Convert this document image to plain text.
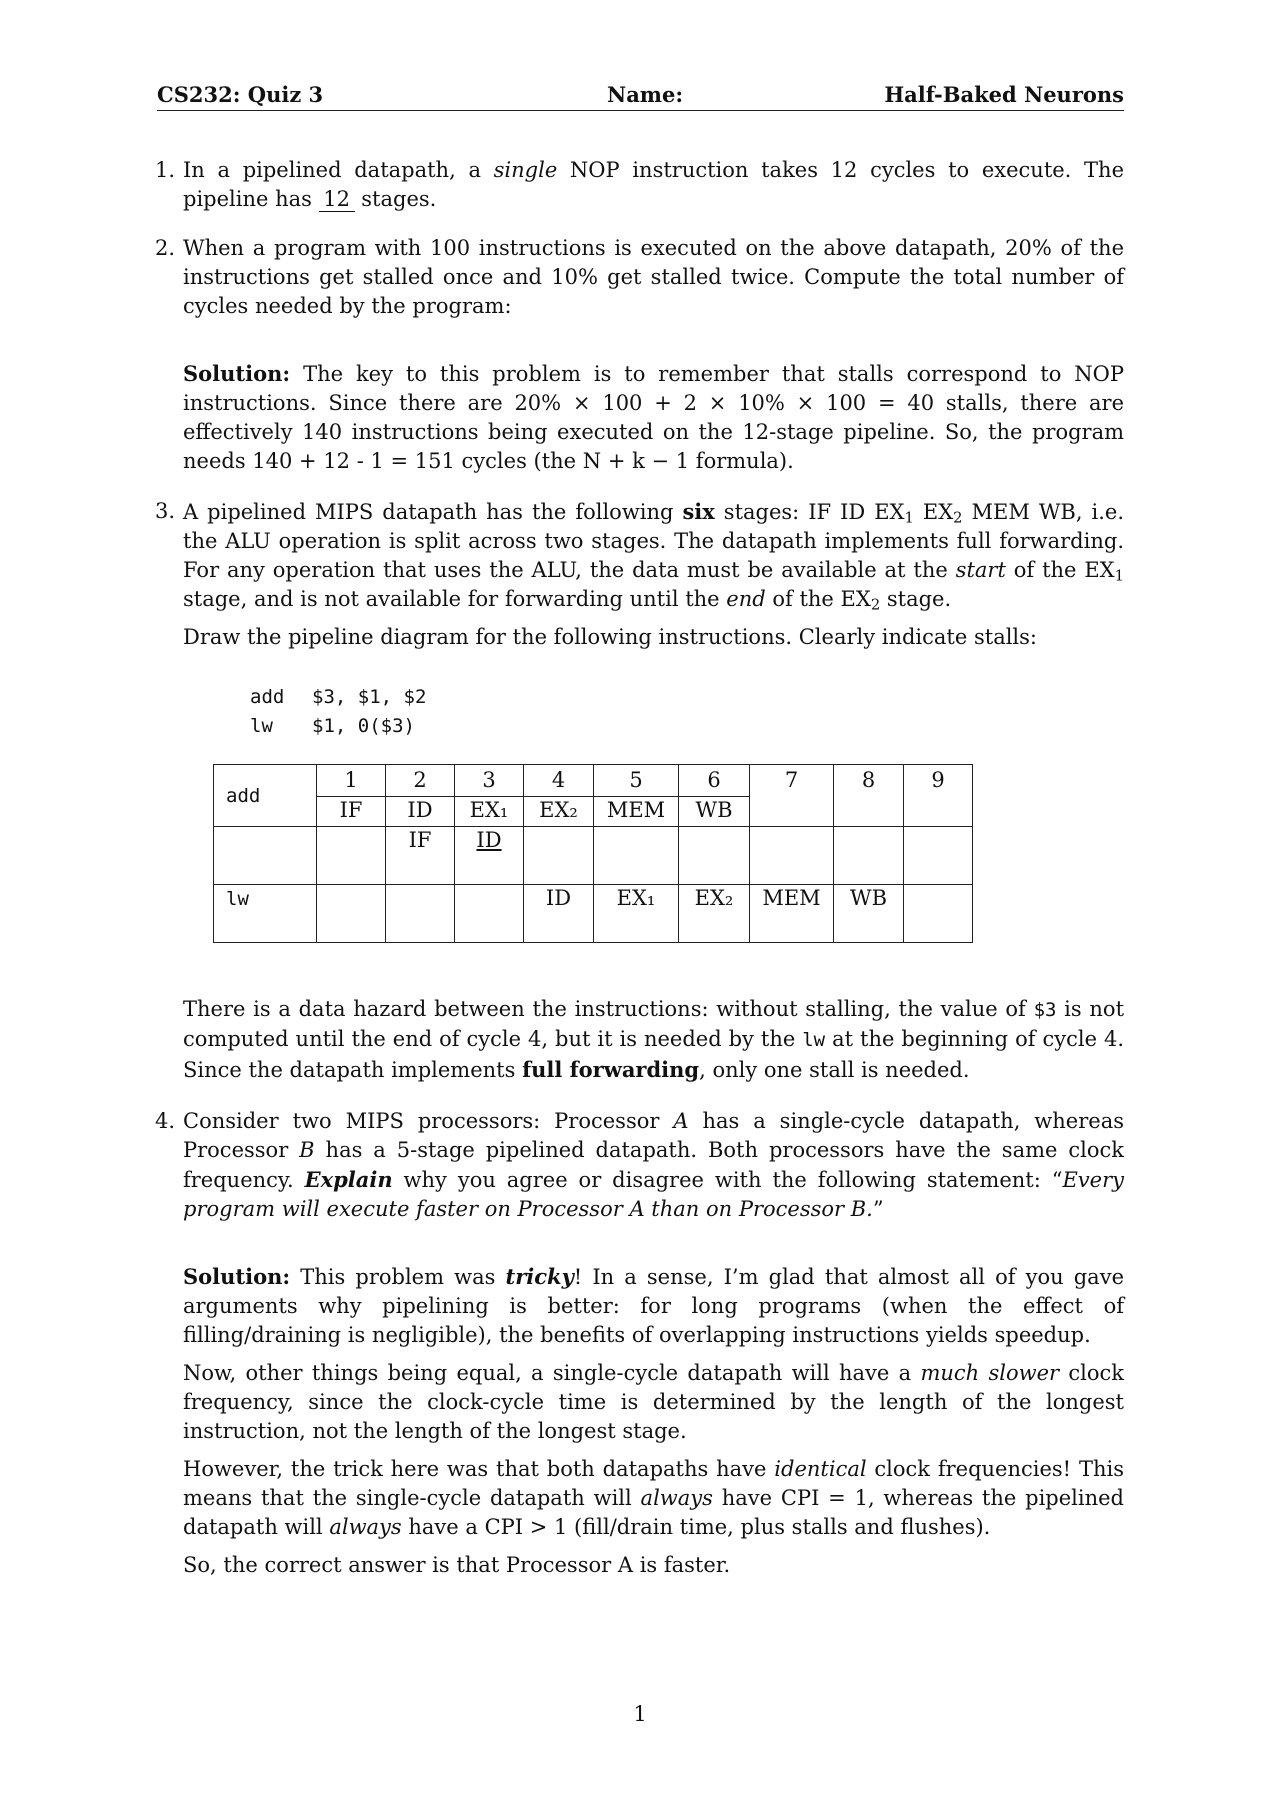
CS232: Quiz 3	Name:	Half-Baked Neurons
1. In a pipelined datapath, a single NOP instruction takes 12 cycles to execute. The pipeline has 12 stages.
2. When a program with 100 instructions is executed on the above datapath, 20% of the instructions get stalled once and 10% get stalled twice. Compute the total number of cycles needed by the program:
Solution: The key to this problem is to remember that stalls correspond to NOP instructions. Since there are 20% × 100 + 2 × 10% × 100 = 40 stalls, there are effectively 140 instructions being executed on the 12-stage pipeline. So, the program needs 140 + 12 - 1 = 151 cycles (the N + k − 1 formula).
3. A pipelined MIPS datapath has the following six stages: IF ID $EX_1$ $EX_2$ MEM WB, i.e. the ALU operation is split across two stages. The datapath implements full forwarding. For any operation that uses the ALU, the data must be available at the start of the $EX_1$ stage, and is not available for forwarding until the end of the $EX_2$ stage.
Draw the pipeline diagram for the following instructions. Clearly indicate stalls:
add $3, $1, $2
lw $1, 0($3)
add	1	2	3	4	5	6	7	8	9
	IF	ID	EX₁	EX₂	MEM	WB			
		IF	ID						
lw				ID	EX₁	EX₂	MEM	WB	
There is a data hazard between the instructions: without stalling, the value of $3 is not computed until the end of cycle 4, but it is needed by the lw at the beginning of cycle 4. Since the datapath implements full forwarding, only one stall is needed.
4. Consider two MIPS processors: Processor A has a single-cycle datapath, whereas Processor B has a 5-stage pipelined datapath. Both processors have the same clock frequency. Explain why you agree or disagree with the following statement: “Every program will execute faster on Processor A than on Processor B.”

Solution: This problem was tricky! In a sense, I’m glad that almost all of you gave arguments why pipelining is better: for long programs (when the effect of filling/draining is negligible), the benefits of overlapping instructions yields speedup.

Now, other things being equal, a single-cycle datapath will have a much slower clock frequency, since the clock-cycle time is determined by the length of the longest instruction, not the length of the longest stage.

However, the trick here was that both datapaths have identical clock frequencies! This means that the single-cycle datapath will always have CPI = 1, whereas the pipelined datapath will always have a CPI > 1 (fill/drain time, plus stalls and flushes).

So, the correct answer is that Processor A is faster.

1
